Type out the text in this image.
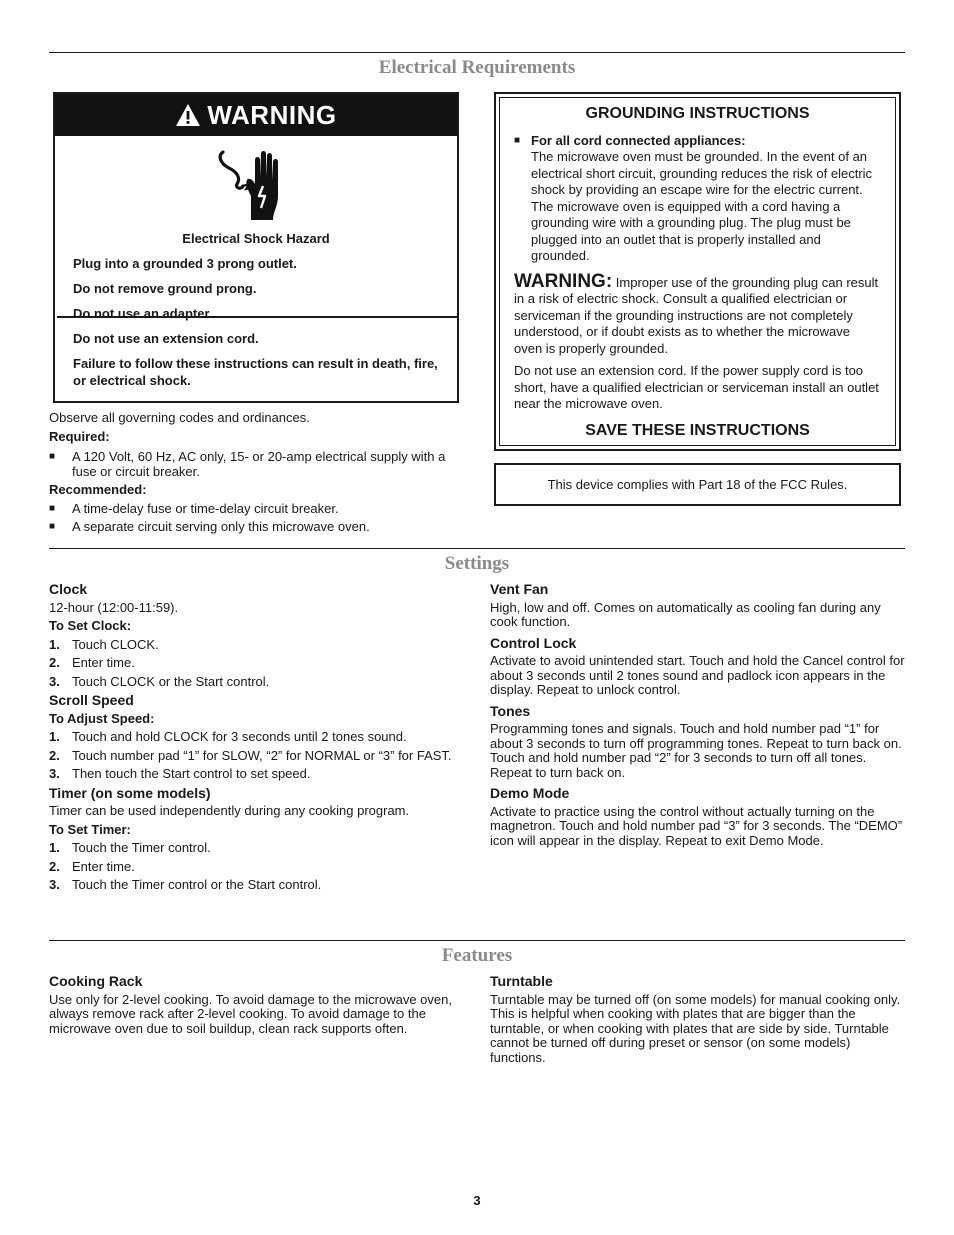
Electrical Requirements
WARNING
Electrical Shock Hazard
Plug into a grounded 3 prong outlet.
Do not remove ground prong.
Do not use an adapter.
Do not use an extension cord.
Failure to follow these instructions can result in death, fire, or electrical shock.
Observe all governing codes and ordinances.
Required:
■ A 120 Volt, 60 Hz, AC only, 15- or 20-amp electrical supply with a fuse or circuit breaker.
Recommended:
■ A time-delay fuse or time-delay circuit breaker.
■ A separate circuit serving only this microwave oven.
GROUNDING INSTRUCTIONS
■ For all cord connected appliances:
The microwave oven must be grounded. In the event of an electrical short circuit, grounding reduces the risk of electric shock by providing an escape wire for the electric current. The microwave oven is equipped with a cord having a grounding wire with a grounding plug. The plug must be plugged into an outlet that is properly installed and grounded.
WARNING: Improper use of the grounding plug can result in a risk of electric shock. Consult a qualified electrician or serviceman if the grounding instructions are not completely understood, or if doubt exists as to whether the microwave oven is properly grounded.
Do not use an extension cord. If the power supply cord is too short, have a qualified electrician or serviceman install an outlet near the microwave oven.
SAVE THESE INSTRUCTIONS
This device complies with Part 18 of the FCC Rules.
Settings
Clock
12-hour (12:00-11:59).
To Set Clock:
1. Touch CLOCK.
2. Enter time.
3. Touch CLOCK or the Start control.
Scroll Speed
To Adjust Speed:
1. Touch and hold CLOCK for 3 seconds until 2 tones sound.
2. Touch number pad “1” for SLOW, “2” for NORMAL or “3” for FAST.
3. Then touch the Start control to set speed.
Timer (on some models)
Timer can be used independently during any cooking program.
To Set Timer:
1. Touch the Timer control.
2. Enter time.
3. Touch the Timer control or the Start control.
Vent Fan
High, low and off. Comes on automatically as cooling fan during any cook function.
Control Lock
Activate to avoid unintended start. Touch and hold the Cancel control for about 3 seconds until 2 tones sound and padlock icon appears in the display. Repeat to unlock control.
Tones
Programming tones and signals. Touch and hold number pad “1” for about 3 seconds to turn off programming tones. Repeat to turn back on. Touch and hold number pad “2” for 3 seconds to turn off all tones. Repeat to turn back on.
Demo Mode
Activate to practice using the control without actually turning on the magnetron. Touch and hold number pad “3” for 3 seconds. The “DEMO” icon will appear in the display. Repeat to exit Demo Mode.
Features
Cooking Rack
Use only for 2-level cooking. To avoid damage to the microwave oven, always remove rack after 2-level cooking. To avoid damage to the microwave oven due to soil buildup, clean rack supports often.
Turntable
Turntable may be turned off (on some models) for manual cooking only. This is helpful when cooking with plates that are bigger than the turntable, or when cooking with plates that are side by side. Turntable cannot be turned off during preset or sensor (on some models) functions.
3
